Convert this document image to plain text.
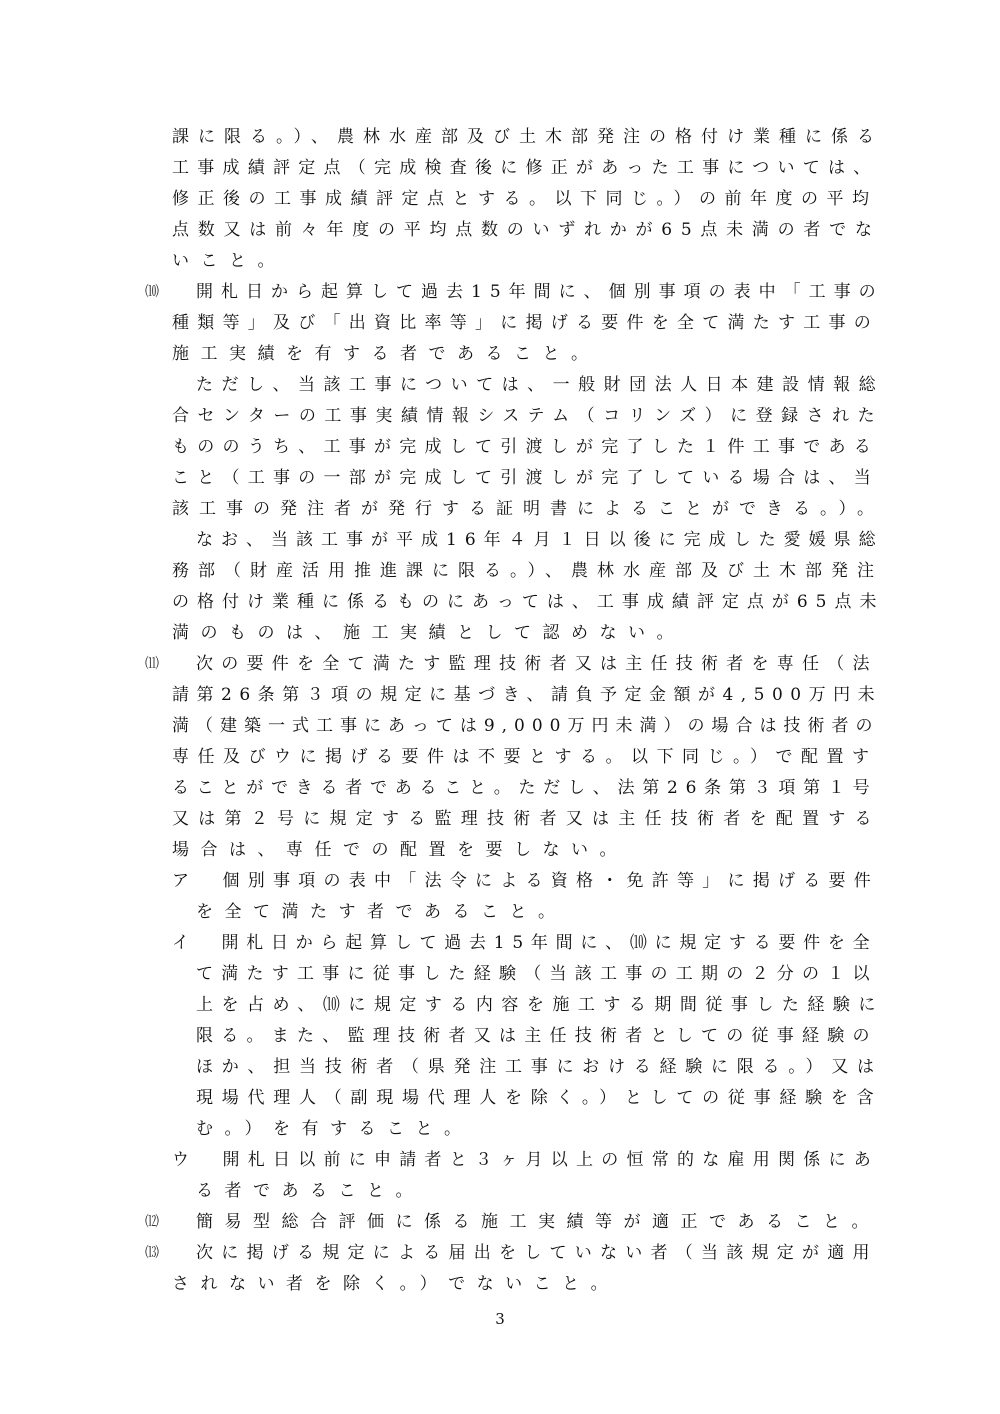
課に限る。）、農林水産部及び土木部発注の格付け業種に係る
工事成績評定点（完成検査後に修正があった工事については、
修正後の工事成績評定点とする。以下同じ。）の前年度の平均
点数又は前々年度の平均点数のいずれかが65点未満の者でな
いこと。
⑽ 開札日から起算して過去15年間に、個別事項の表中「工事の
種類等」及び「出資比率等」に掲げる要件を全て満たす工事の
施工実績を有する者であること。
ただし、当該工事については、一般財団法人日本建設情報総
合センターの工事実績情報システム（コリンズ）に登録された
もののうち、工事が完成して引渡しが完了した１件工事である
こと（工事の一部が完成して引渡しが完了している場合は、当
該工事の発注者が発行する証明書によることができる。）。
なお、当該工事が平成16年４月１日以後に完成した愛媛県総
務部（財産活用推進課に限る。）、農林水産部及び土木部発注
の格付け業種に係るものにあっては、工事成績評定点が65点未
満のものは、施工実績として認めない。
⑾ 次の要件を全て満たす監理技術者又は主任技術者を専任（法
請第26条第３項の規定に基づき、請負予定金額が4,500万円未
満（建築一式工事にあっては9,000万円未満）の場合は技術者の
専任及びウに掲げる要件は不要とする。以下同じ。）で配置す
ることができる者であること。ただし、法第26条第３項第１号
又は第２号に規定する監理技術者又は主任技術者を配置する
場合は、専任での配置を要しない。
ア　個別事項の表中「法令による資格・免許等」に掲げる要件
を全て満たす者であること。
イ　開札日から起算して過去15年間に、⑽に規定する要件を全
て満たす工事に従事した経験（当該工事の工期の２分の１以
上を占め、⑽に規定する内容を施工する期間従事した経験に
限る。また、監理技術者又は主任技術者としての従事経験の
ほか、担当技術者（県発注工事における経験に限る。）又は
現場代理人（副現場代理人を除く。）としての従事経験を含
む。）を有すること。
ウ　開札日以前に申請者と３ヶ月以上の恒常的な雇用関係にあ
る者であること。
⑿ 簡易型総合評価に係る施工実績等が適正であること。
⒀ 次に掲げる規定による届出をしていない者（当該規定が適用
されない者を除く。）でないこと。
3
